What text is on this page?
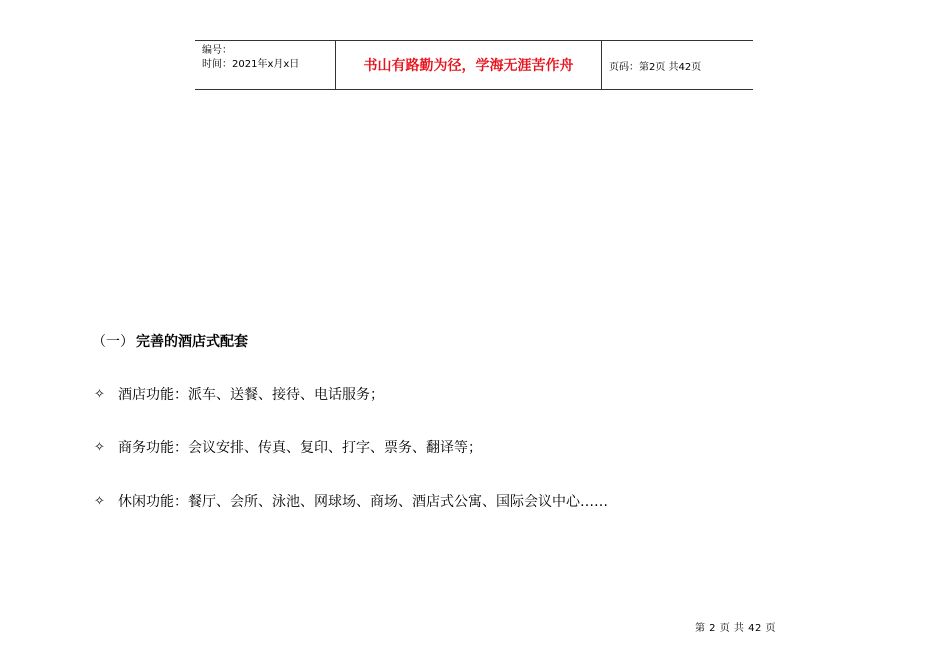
编号：
时间：2021年x月x日	书山有路勤为径，学海无涯苦作舟	页码：第2页 共42页
（一） 完善的酒店式配套
✧ 酒店功能：派车、送餐、接待、电话服务；
✧ 商务功能：会议安排、传真、复印、打字、票务、翻译等；
✧ 休闲功能：餐厅、会所、泳池、网球场、商场、酒店式公寓、国际会议中心……
第 2 页 共 42 页
